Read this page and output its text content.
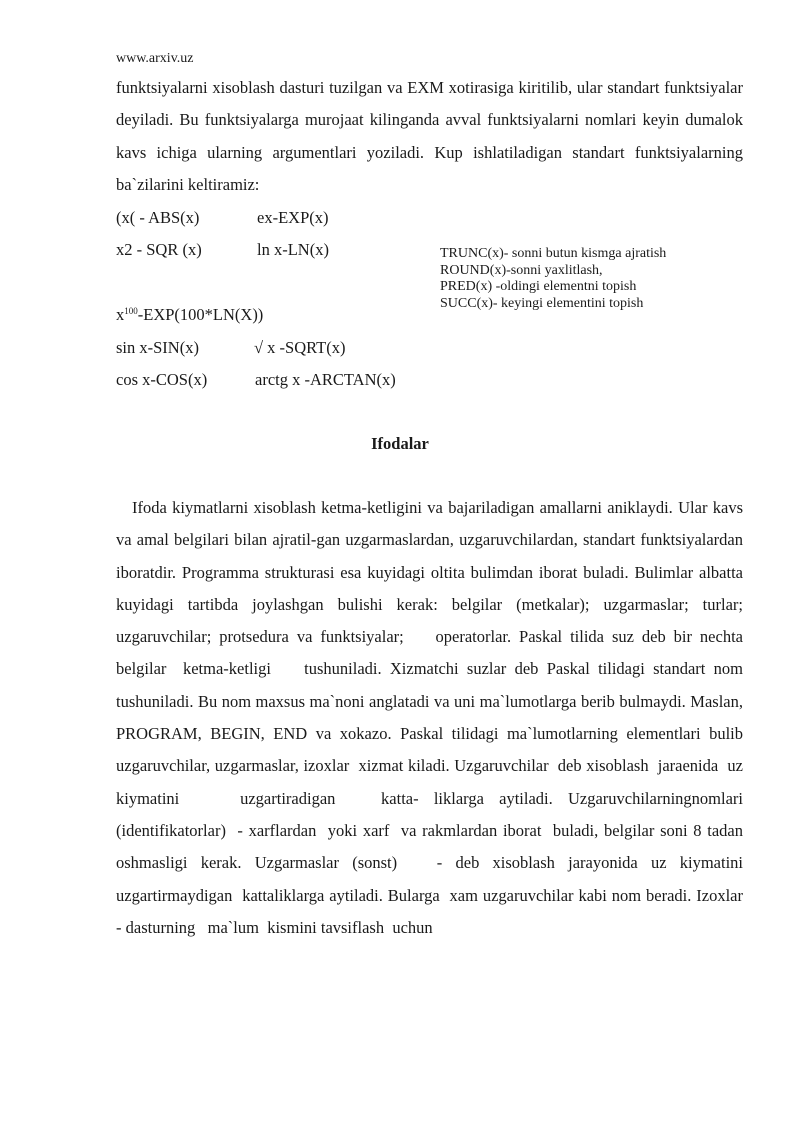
www.arxiv.uz

funktsiyalarni xisoblash dasturi tuzilgan va EXM xotirasiga kiritilib, ular standart funktsiyalar deyiladi. Bu funktsiyalarga murojaat kilinganda avval funktsiyalarni nomlari keyin dumalok kavs ichiga ularning argumentlari yoziladi. Kup ishlatiladigan standart funktsiyalarning ba`zilarini keltiramiz:

(x( - ABS(x)	ex-EXP(x)

x2 - SQR (x)	ln x-LN(x)

$x^{100}-EXP(100*LN(X))$

sin x-SIN(x)	√ x -SQRT(x)

cos x-COS(x)	arctg x -ARCTAN(x)

TRUNC(x)- sonni butun kismga ajratish
ROUND(x)-sonni yaxlitlash,
PRED(x) -oldingi elementni topish
SUCC(x)- keyingi elementini topish
Ifodalar

Ifoda kiymatlarni xisoblash ketma-ketligini va bajariladigan amallarni aniklaydi. Ular kavs va amal belgilari bilan ajratil-gan uzgarmaslardan, uzgaruvchilardan, standart funktsiyalardan iboratdir. Programma strukturasi esa kuyidagi oltita bulimdan iborat buladi. Bulimlar albatta kuyidagi tartibda joylashgan bulishi kerak: belgilar (metkalar); uzgarmaslar; turlar; uzgaruvchilar; protsedura va funktsiyalar;    operatorlar. Paskal tilida suz deb bir nechta belgilar  ketma-ketligi    tushuniladi. Xizmatchi suzlar deb Paskal tilidagi standart nom tushuniladi. Bu nom maxsus ma`noni anglatadi va uni ma`lumotlarga berib bulmaydi. Maslan, PROGRAM, BEGIN, END va xokazo. Paskal tilidagi ma`lumotlarning elementlari bulib uzgaruvchilar, uzgarmaslar, izoxlar  xizmat kiladi. Uzgaruvchilar  deb xisoblash  jaraenida  uz kiymatini    uzgartiradigan   katta- liklarga aytiladi. Uzgaruvchilarningnomlari (identifikatorlar)  - xarflardan  yoki xarf  va rakmlardan iborat  buladi, belgilar soni 8 tadan oshmasligi kerak. Uzgarmaslar (sonst)   - deb xisoblash jarayonida uz kiymatini uzgartirmaydigan  kattaliklarga aytiladi. Bularga  xam uzgaruvchilar kabi nom beradi. Izoxlar - dasturning   ma`lum  kismini tavsiflash  uchun
